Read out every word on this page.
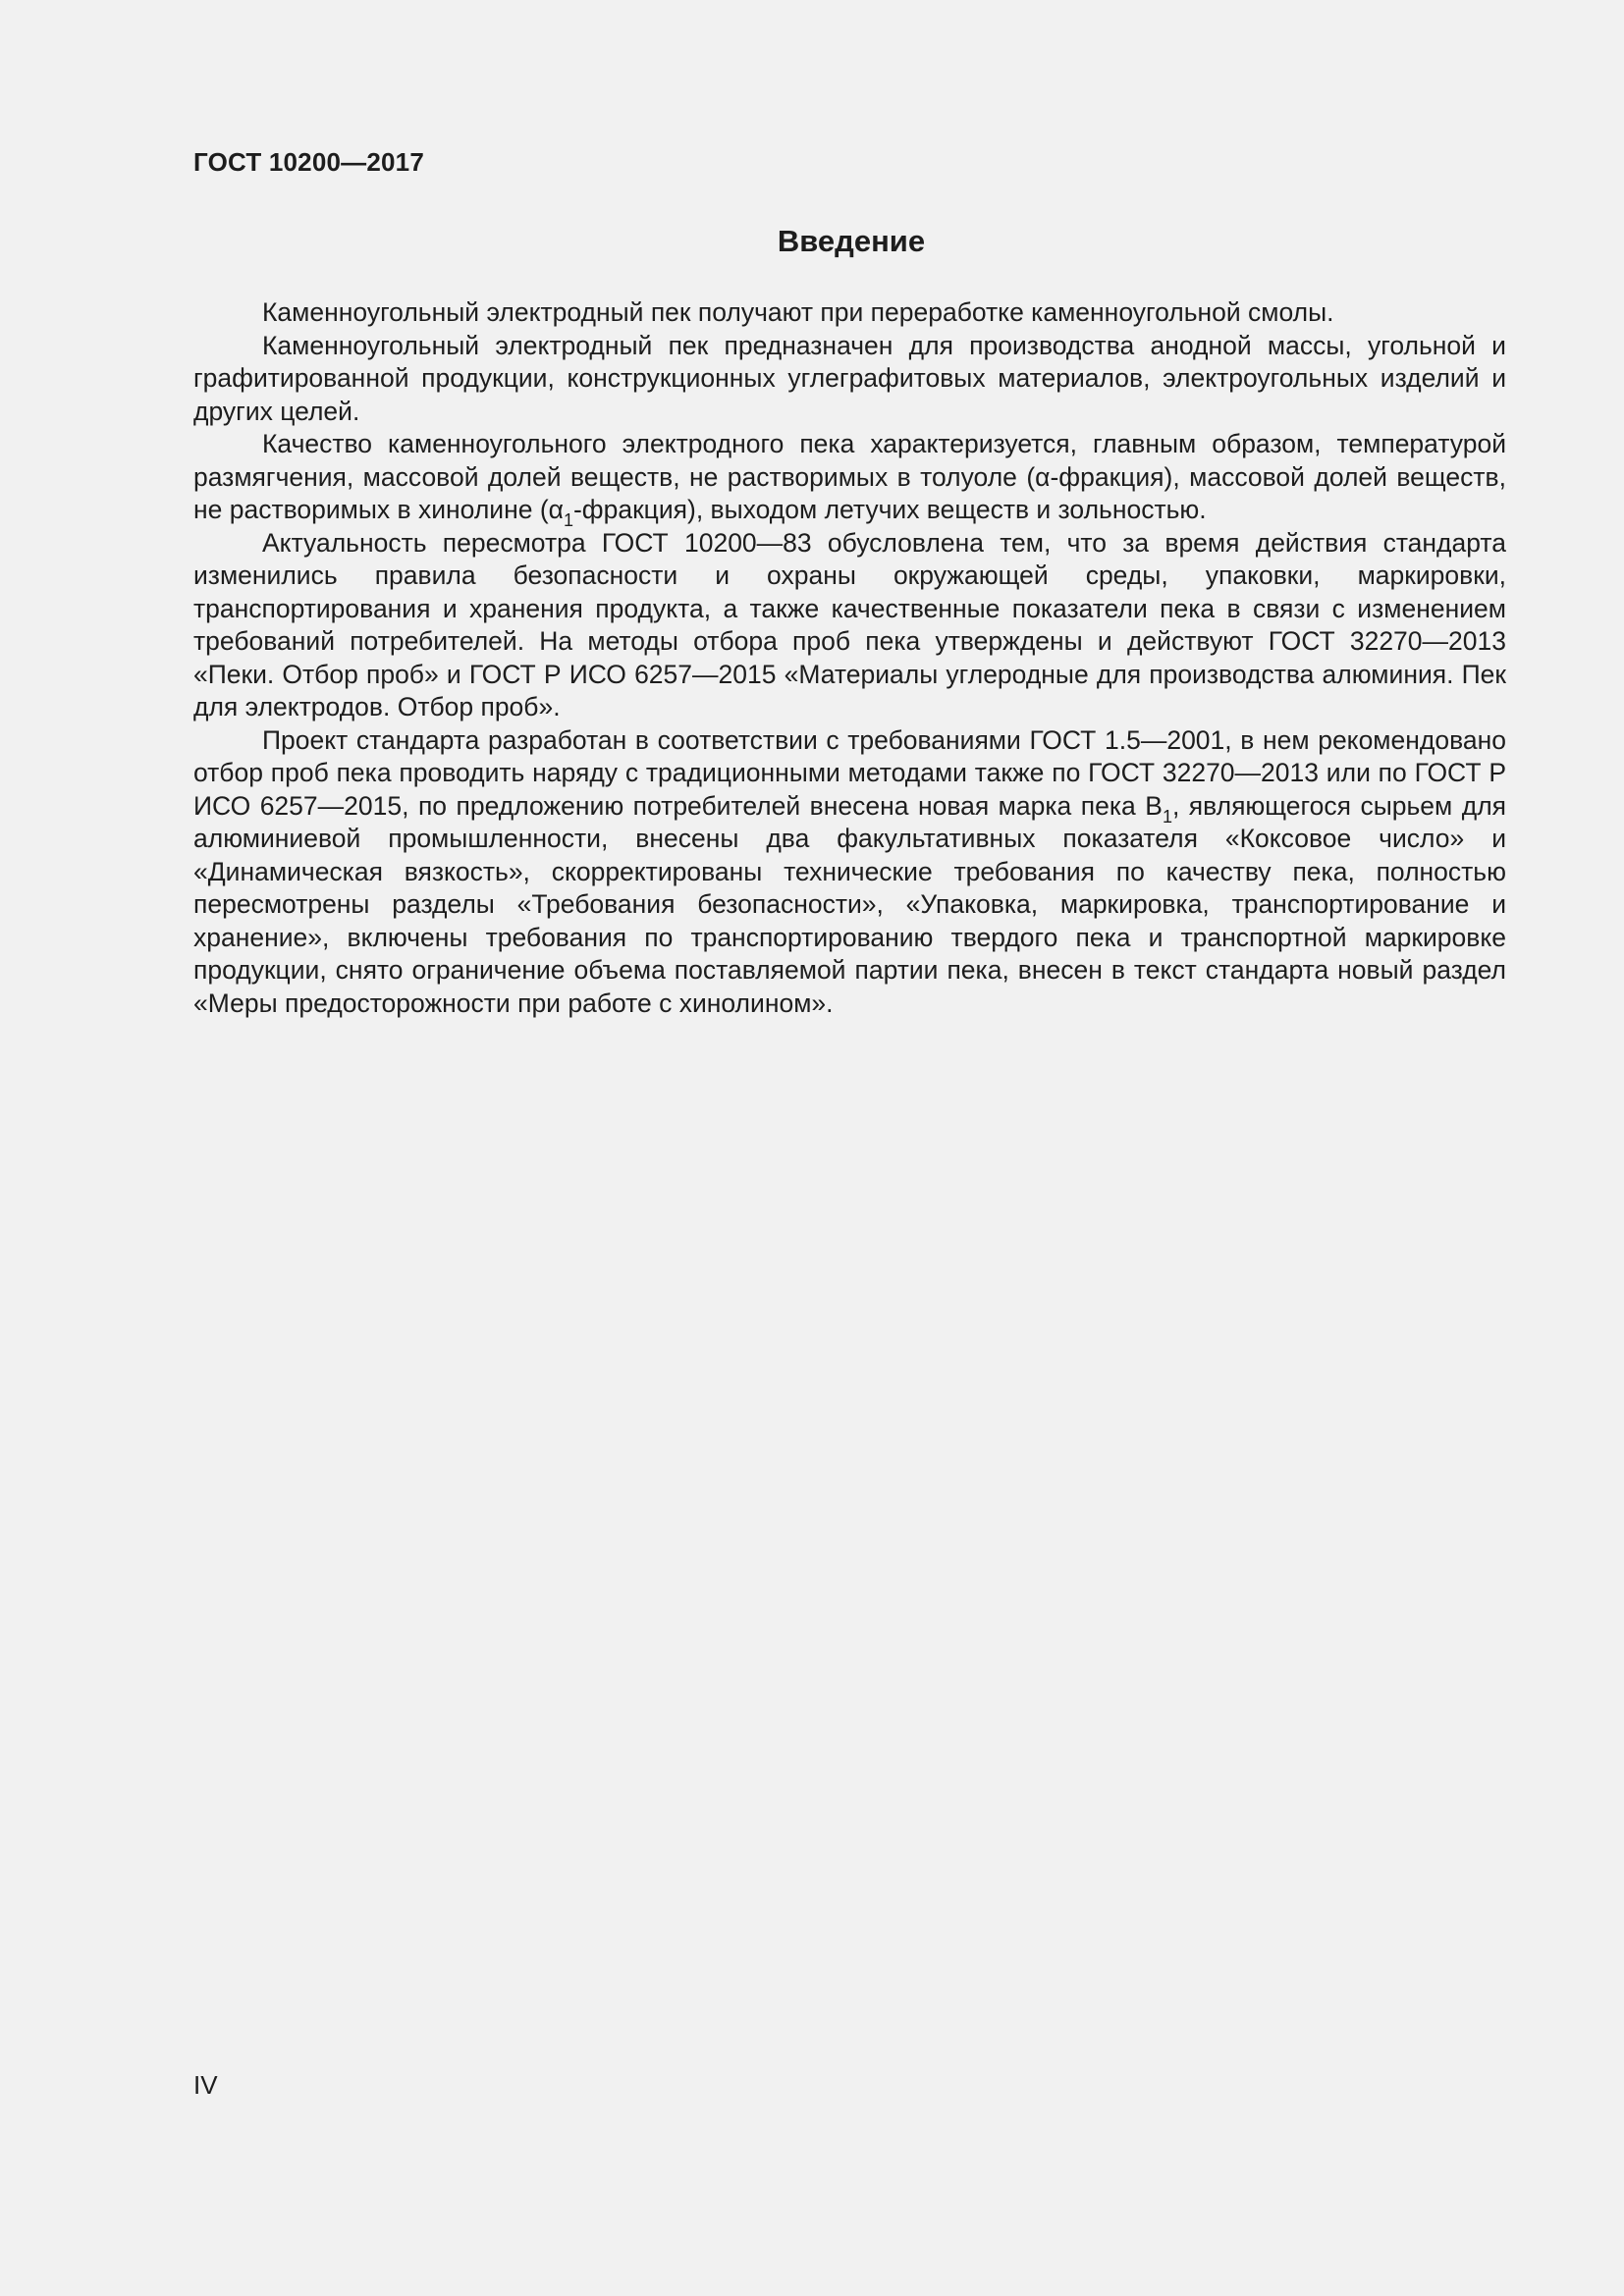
ГОСТ 10200—2017
Введение

Каменноугольный электродный пек получают при переработке каменноугольной смолы.

Каменноугольный электродный пек предназначен для производства анодной массы, угольной и графитированной продукции, конструкционных углеграфитовых материалов, электроугольных изделий и других целей.

Качество каменноугольного электродного пека характеризуется, главным образом, температурой размягчения, массовой долей веществ, не растворимых в толуоле (α-фракция), массовой долей веществ, не растворимых в хинолине $(\alpha_1-фракция)$, выходом летучих веществ и зольностью.

Актуальность пересмотра ГОСТ 10200—83 обусловлена тем, что за время действия стандарта изменились правила безопасности и охраны окружающей среды, упаковки, маркировки, транспортирования и хранения продукта, а также качественные показатели пека в связи с изменением требований потребителей. На методы отбора проб пека утверждены и действуют ГОСТ 32270—2013 «Пеки. Отбор проб» и ГОСТ Р ИСО 6257—2015 «Материалы углеродные для производства алюминия. Пек для электродов. Отбор проб».

Проект стандарта разработан в соответствии с требованиями ГОСТ 1.5—2001, в нем рекомендовано отбор проб пека проводить наряду с традиционными методами также по ГОСТ 32270—2013 или по ГОСТ Р ИСО 6257—2015, по предложению потребителей внесена новая марка пека $В_1$, являющегося сырьем для алюминиевой промышленности, внесены два факультативных показателя «Коксовое число» и «Динамическая вязкость», скорректированы технические требования по качеству пека, полностью пересмотрены разделы «Требования безопасности», «Упаковка, маркировка, транспортирование и хранение», включены требования по транспортированию твердого пека и транспортной маркировке продукции, снято ограничение объема поставляемой партии пека, внесен в текст стандарта новый раздел «Меры предосторожности при работе с хинолином».

IV
